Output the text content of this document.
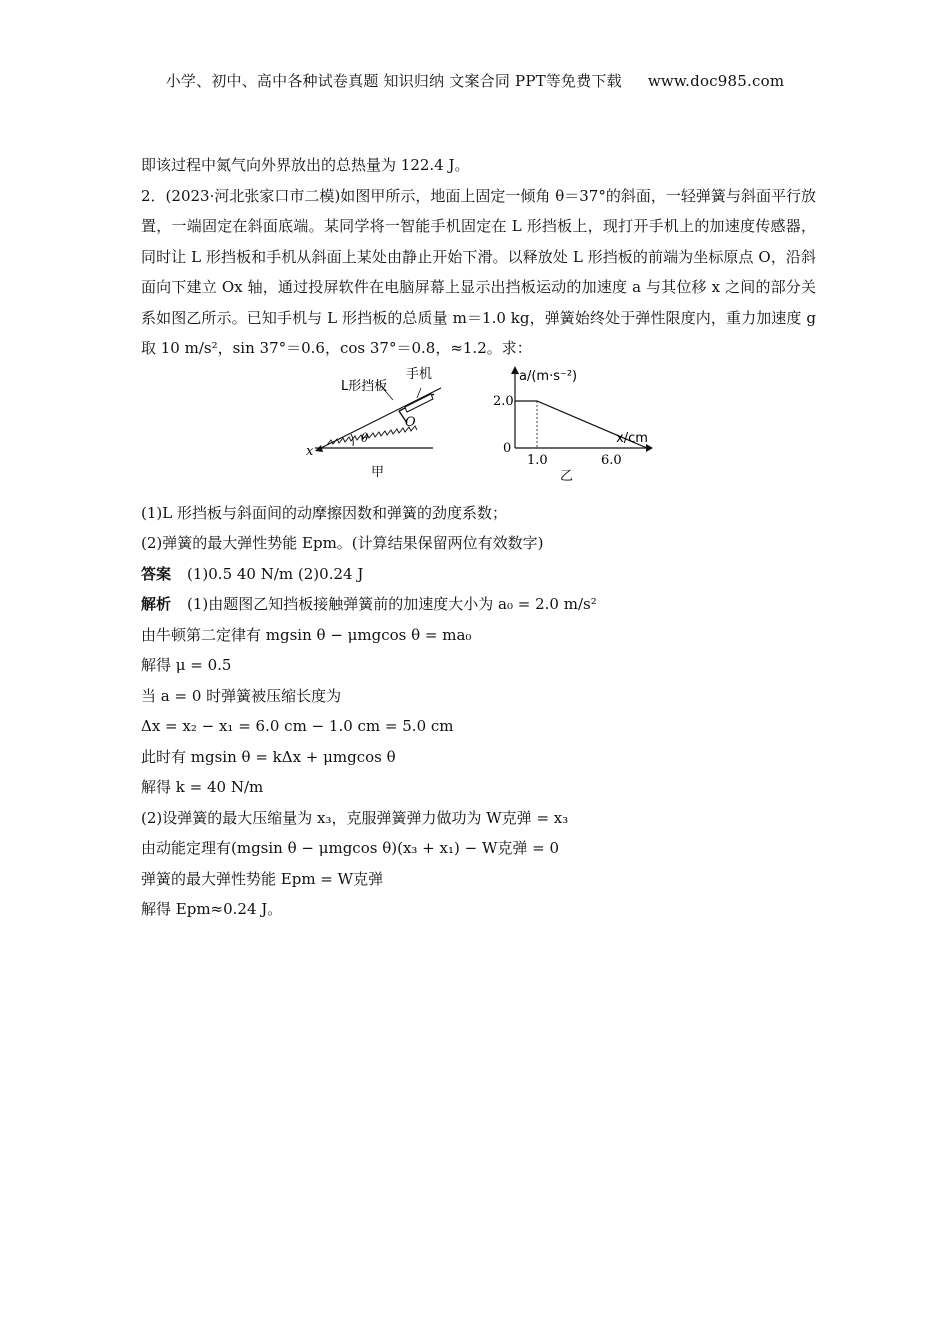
小学、初中、高中各种试卷真题 知识归纳 文案合同 PPT等免费下载 www.doc985.com
即该过程中氮气向外界放出的总热量为 122.4 J。
2．(2023·河北张家口市二模)如图甲所示，地面上固定一倾角 θ＝37°的斜面，一轻弹簧与斜面平行放置，一端固定在斜面底端。某同学将一智能手机固定在 L 形挡板上，现打开手机上的加速度传感器，同时让 L 形挡板和手机从斜面上某处由静止开始下滑。以释放处 L 形挡板的前端为坐标原点 O，沿斜面向下建立 Ox 轴，通过投屏软件在电脑屏幕上显示出挡板运动的加速度 a 与其位移 x 之间的部分关系如图乙所示。已知手机与 L 形挡板的总质量 m＝1.0 kg，弹簧始终处于弹性限度内，重力加速度 g 取 10 m/s²，sin 37°＝0.6，cos 37°＝0.8，≈1.2。求：
L形挡板
手机
O
x
θ
甲
a/(m·s⁻²)
x/cm
2.0
0
1.0	6.0
乙
(1)L 形挡板与斜面间的动摩擦因数和弹簧的劲度系数；
(2)弹簧的最大弹性势能 Epm。(计算结果保留两位有效数字)
答案 (1)0.5 40 N/m (2)0.24 J
解析 (1)由题图乙知挡板接触弹簧前的加速度大小为 a₀ = 2.0 m/s²
由牛顿第二定律有 mgsin θ − μmgcos θ = ma₀
解得 μ = 0.5
当 a = 0 时弹簧被压缩长度为
Δx = x₂ − x₁ = 6.0 cm − 1.0 cm = 5.0 cm
此时有 mgsin θ = kΔx + μmgcos θ
解得 k = 40 N/m
(2)设弹簧的最大压缩量为 x₃，克服弹簧弹力做功为 W克弹 = x₃
由动能定理有(mgsin θ − μmgcos θ)(x₃ + x₁) − W克弹 = 0
弹簧的最大弹性势能 Epm = W克弹
解得 Epm≈0.24 J。
